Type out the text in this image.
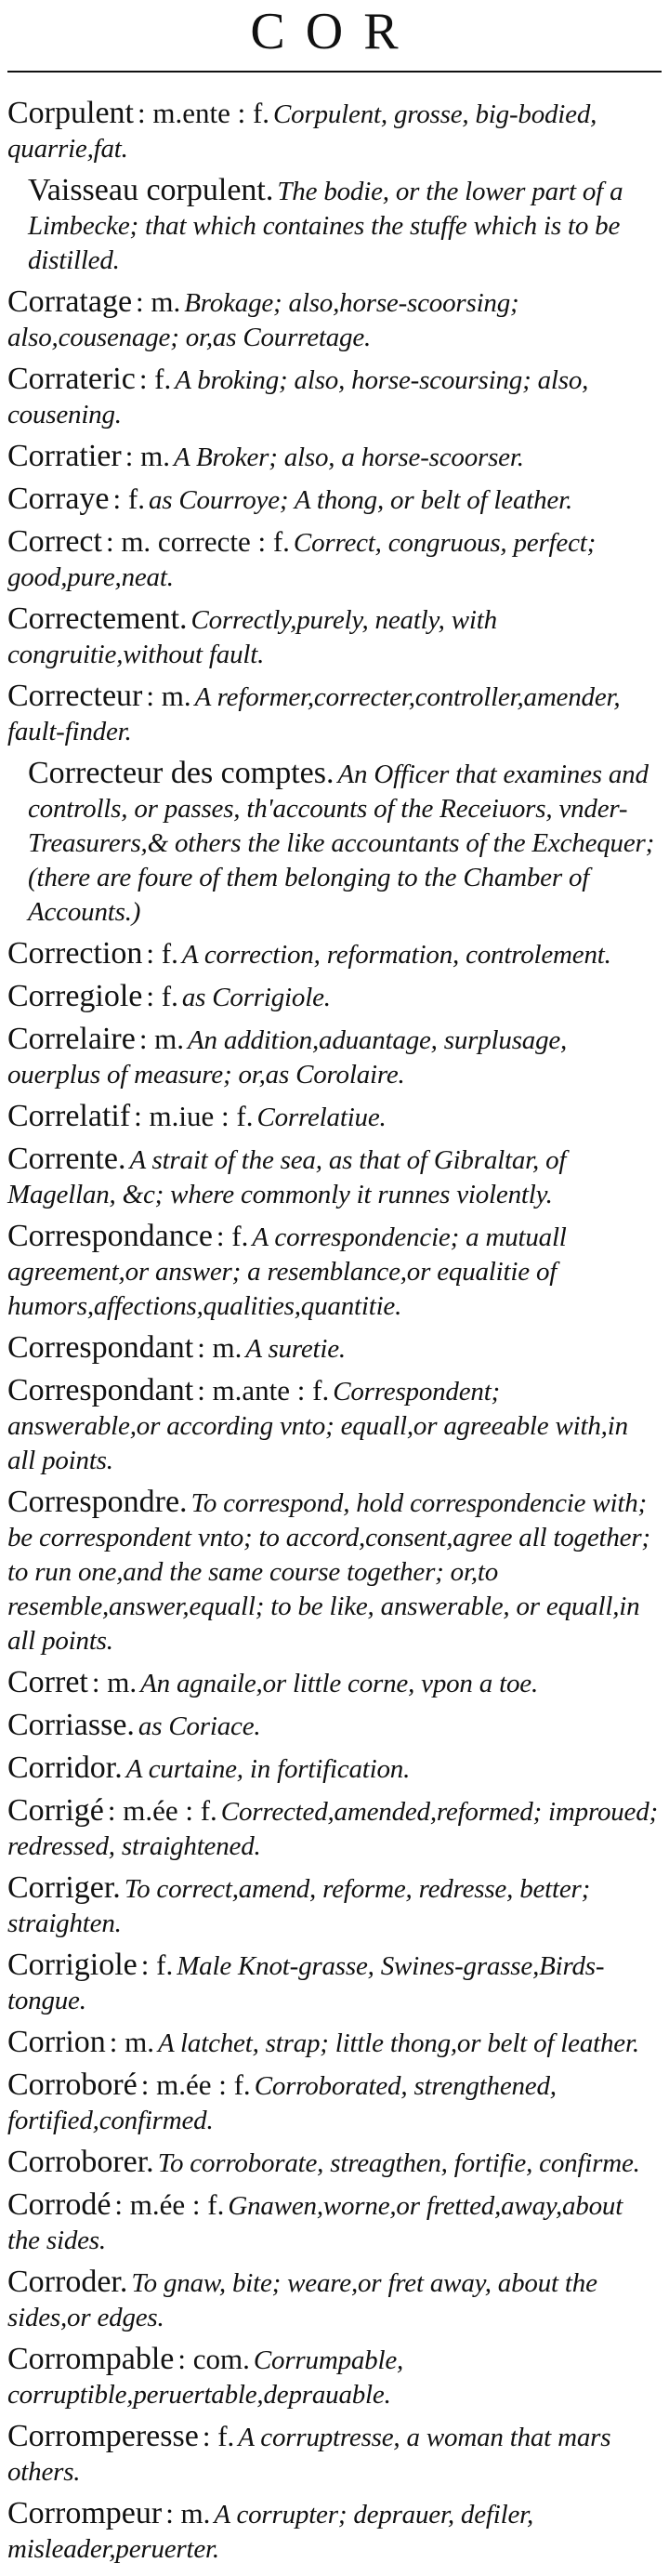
COR
Corpulent : m.ente : f. Corpulent, grosse, big-bodied, quarrie,fat.
Vaisseau corpulent. The bodie, or the lower part of a Limbecke; that which containes the stuffe which is to be distilled.
Corratage : m. Brokage; also,horse-scoorsing; also,cousenage; or,as Courretage.
Corrateric : f. A broking; also, horse-scoursing; also, cousening.
Corratier : m. A Broker; also, a horse-scoorser.
Corraye : f. as Courroye; A thong, or belt of leather.
Correct : m. correcte : f. Correct, congruous, perfect; good,pure,neat.
Correctement. Correctly,purely, neatly, with congruitie,without fault.
Correcteur : m. A reformer,correcter,controller,amender, fault-finder.
Correcteur des comptes. An Officer that examines and controlls, or passes, th'accounts of the Receiuors, vnder-Treasurers,& others the like accountants of the Exchequer; (there are foure of them belonging to the Chamber of Accounts.)
Correction : f. A correction, reformation, controlement.
Corregiole : f. as Corrigiole.
Correlaire : m. An addition,aduantage, surplusage, ouerplus of measure; or,as Corolaire.
Correlatif : m.iue : f. Correlatiue.
Corrente. A strait of the sea, as that of Gibraltar, of Magellan, &c; where commonly it runnes violently.
Correspondance : f. A correspondencie; a mutuall agreement,or answer; a resemblance,or equalitie of humors,affections,qualities,quantitie.
Correspondant : m. A suretie.
Correspondant : m.ante : f. Correspondent; answerable,or according vnto; equall,or agreeable with,in all points.
Correspondre. To correspond, hold correspondencie with; be correspondent vnto; to accord,consent,agree all together; to run one,and the same course together; or,to resemble,answer,equall; to be like, answerable, or equall,in all points.
Corret : m. An agnaile,or little corne, vpon a toe.
Corriasse. as Coriace.
Corridor. A curtaine, in fortification.
Corrigé : m.ée : f. Corrected,amended,reformed; improued; redressed, straightened.
Corriger. To correct,amend, reforme, redresse, better; straighten.
Corrigiole : f. Male Knot-grasse, Swines-grasse,Birds-tongue.
Corrion : m. A latchet, strap; little thong,or belt of leather.
Corroboré : m.ée : f. Corroborated, strengthened, fortified,confirmed.
Corroborer. To corroborate, streagthen, fortifie, confirme.
Corrodé : m.ée : f. Gnawen,worne,or fretted,away,about the sides.
Corroder. To gnaw, bite; weare,or fret away, about the sides,or edges.
Corrompable : com. Corrumpable, corruptible,peruertable,deprauable.
Corromperesse : f. A corruptresse, a woman that mars others.
Corrompeur : m. A corrupter; deprauer, defiler, misleader,peruerter.
